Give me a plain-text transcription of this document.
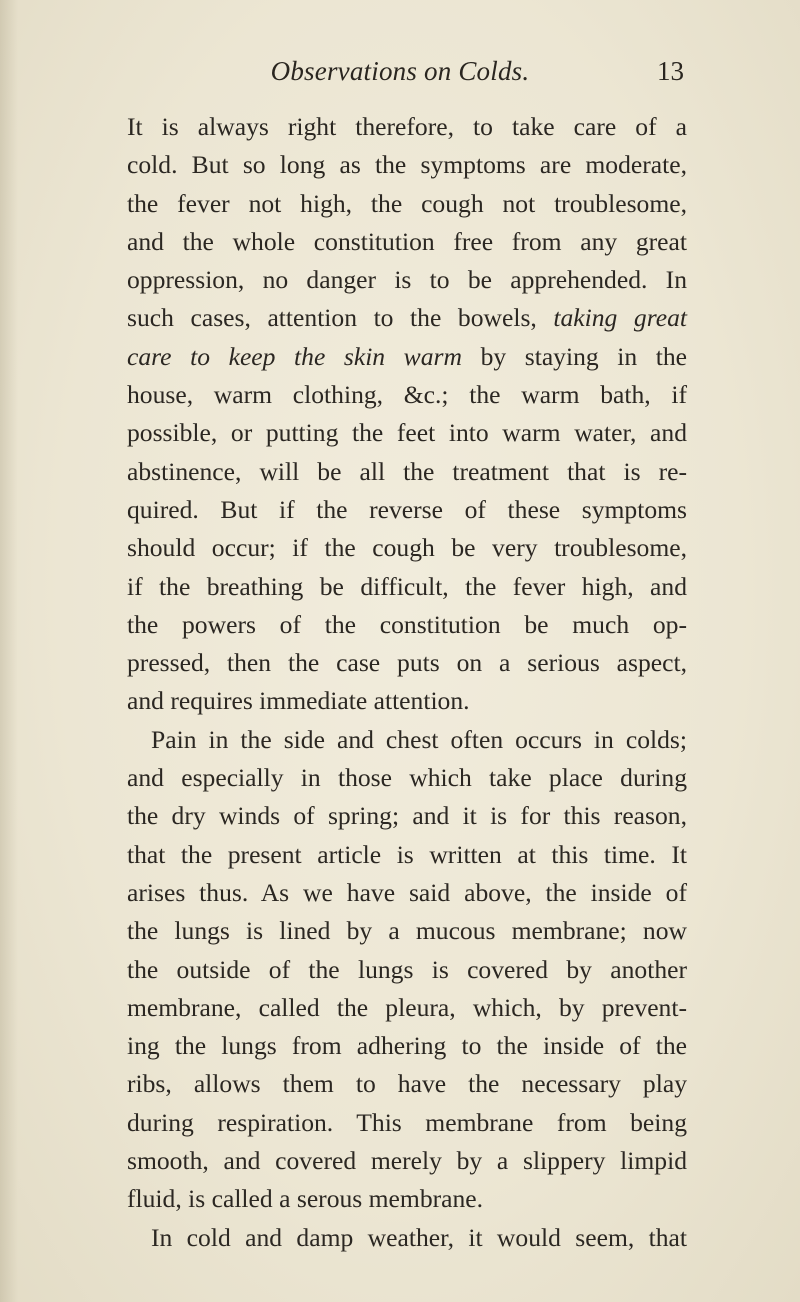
Observations on Colds.	13
It is always right therefore, to take care of a
cold. But so long as the symptoms are moderate,
the fever not high, the cough not troublesome,
and the whole constitution free from any great
oppression, no danger is to be apprehended. In
such cases, attention to the bowels, taking great
care to keep the skin warm by staying in the
house, warm clothing, &c.; the warm bath, if
possible, or putting the feet into warm water, and
abstinence, will be all the treatment that is re-
quired. But if the reverse of these symptoms
should occur; if the cough be very troublesome,
if the breathing be difficult, the fever high, and
the powers of the constitution be much op-
pressed, then the case puts on a serious aspect,
and requires immediate attention.
Pain in the side and chest often occurs in colds;
and especially in those which take place during
the dry winds of spring; and it is for this reason,
that the present article is written at this time. It
arises thus. As we have said above, the inside of
the lungs is lined by a mucous membrane; now
the outside of the lungs is covered by another
membrane, called the pleura, which, by prevent-
ing the lungs from adhering to the inside of the
ribs, allows them to have the necessary play
during respiration. This membrane from being
smooth, and covered merely by a slippery limpid
fluid, is called a serous membrane.
In cold and damp weather, it would seem, that
